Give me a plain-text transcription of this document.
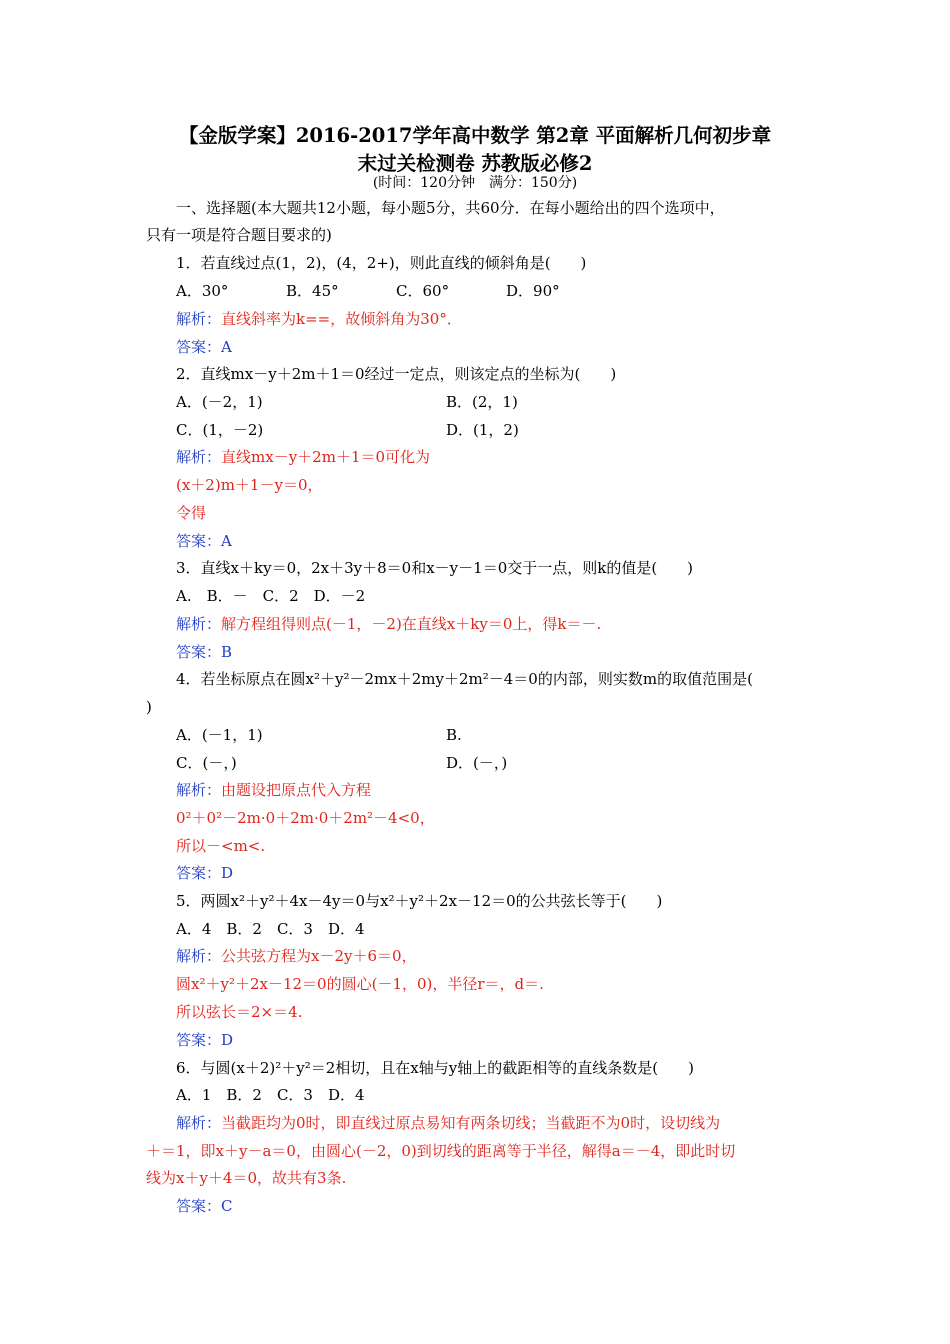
【金版学案】2016-2017学年高中数学 第2章 平面解析几何初步章
末过关检测卷 苏教版必修2
(时间：120分钟　满分：150分)
一、选择题(本大题共12小题，每小题5分，共60分．在每小题给出的四个选项中，
只有一项是符合题目要求的)
1．若直线过点(1，2)，(4，2+)，则此直线的倾斜角是(　　)
A．30°	B．45°	C．60°	D．90°
解析：直线斜率为k==，故倾斜角为30°．
答案：A
2．直线mx－y＋2m＋1＝0经过一定点，则该定点的坐标为(　　)
A．(－2，1)	B．(2，1)
C．(1，－2)	D．(1，2)
解析：直线mx－y＋2m＋1＝0可化为
(x＋2)m＋1－y＝0，
令得
答案：A
3．直线x＋ky＝0，2x＋3y＋8＝0和x－y－1＝0交于一点，则k的值是(　　)
A.　B．－　C．2　D．－2
解析：解方程组得则点(－1，－2)在直线x＋ky＝0上，得k＝－.
答案：B
4．若坐标原点在圆x²＋y²－2mx＋2my＋2m²－4＝0的内部，则实数m的取值范围是(
)
A．(－1，1)	B.
C．(－，)	D．(－，)
解析：由题设把原点代入方程
0²＋0²－2m·0＋2m·0＋2m²－4<0，
所以－<m<.
答案：D
5．两圆x²＋y²＋4x－4y＝0与x²＋y²＋2x－12＝0的公共弦长等于(　　)
A．4　B．2　C．3　D．4
解析：公共弦方程为x－2y＋6＝0，
圆x²＋y²＋2x－12＝0的圆心(－1，0)，半径r＝，d＝.
所以弦长＝2×＝4.
答案：D
6．与圆(x＋2)²＋y²＝2相切，且在x轴与y轴上的截距相等的直线条数是(　　)
A．1　B．2　C．3　D．4
解析：当截距均为0时，即直线过原点易知有两条切线；当截距不为0时，设切线为
＋＝1，即x＋y－a＝0，由圆心(－2，0)到切线的距离等于半径，解得a＝－4，即此时切
线为x＋y＋4＝0，故共有3条.
答案：C
